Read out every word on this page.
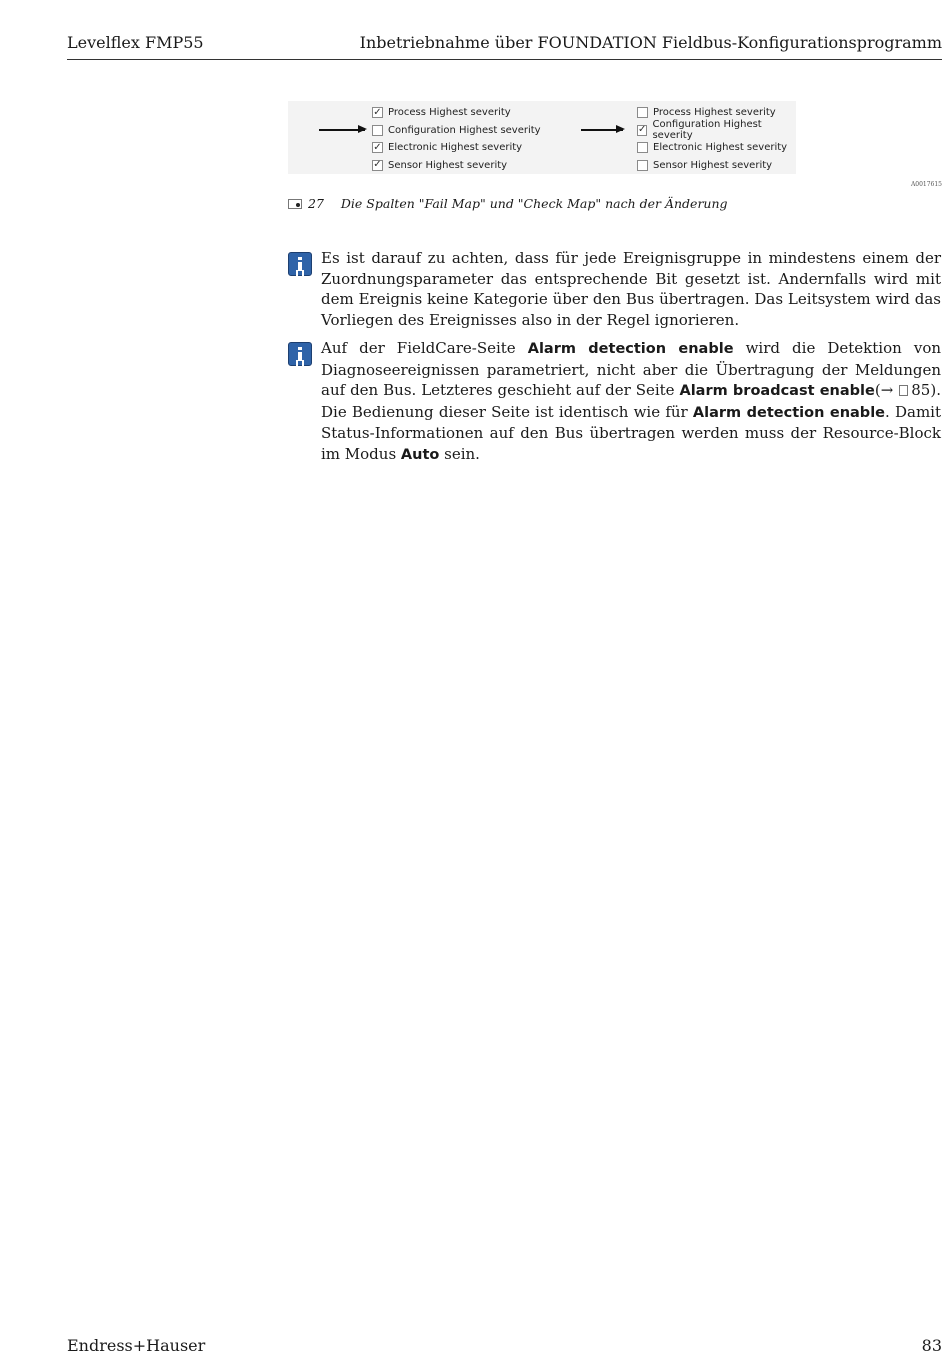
Levelflex FMP55	Inbetriebnahme über FOUNDATION Fieldbus-Konfigurationsprogramm
✓ Process Highest severity
Configuration Highest severity
✓ Electronic Highest severity
✓ Sensor Highest severity
Process Highest severity
✓ Configuration Highest severity
Electronic Highest severity
Sensor Highest severity
A0017615
27 Die Spalten "Fail Map" und "Check Map" nach der Änderung
Es ist darauf zu achten, dass für jede Ereignisgruppe in mindestens einem der Zuordnungsparameter das entsprechende Bit gesetzt ist. Andernfalls wird mit dem Ereignis keine Kategorie über den Bus übertragen. Das Leitsystem wird das Vorliegen des Ereignisses also in der Regel ignorieren.
Auf der FieldCare-Seite Alarm detection enable wird die Detektion von Diagnoseereignissen parametriert, nicht aber die Übertragung der Meldungen auf den Bus. Letzteres geschieht auf der Seite Alarm broadcast enable(→ 85). Die Bedienung dieser Seite ist identisch wie für Alarm detection enable. Damit Status-Informationen auf den Bus übertragen werden muss der Resource-Block im Modus Auto sein.
Endress+Hauser	83
